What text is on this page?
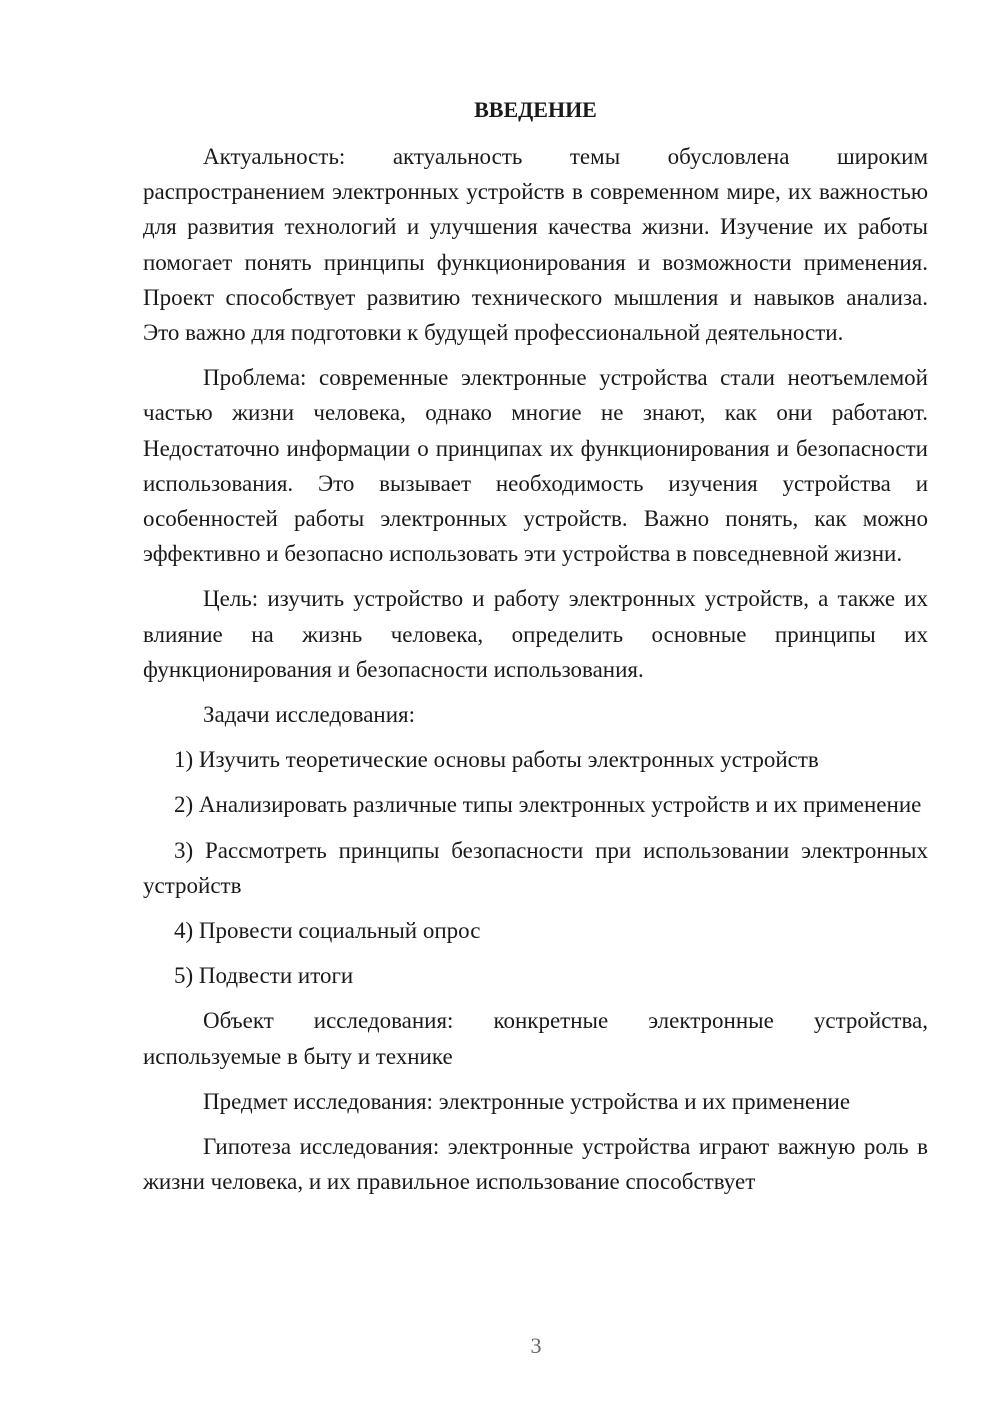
ВВЕДЕНИЕ

Актуальность: актуальность темы обусловлена широким распространением электронных устройств в современном мире, их важностью для развития технологий и улучшения качества жизни. Изучение их работы помогает понять принципы функционирования и возможности применения. Проект способствует развитию технического мышления и навыков анализа. Это важно для подготовки к будущей профессиональной деятельности.

Проблема: современные электронные устройства стали неотъемлемой частью жизни человека, однако многие не знают, как они работают. Недостаточно информации о принципах их функционирования и безопасности использования. Это вызывает необходимость изучения устройства и особенностей работы электронных устройств. Важно понять, как можно эффективно и безопасно использовать эти устройства в повседневной жизни.

Цель: изучить устройство и работу электронных устройств, а также их влияние на жизнь человека, определить основные принципы их функционирования и безопасности использования.

Задачи исследования:

1) Изучить теоретические основы работы электронных устройств

2) Анализировать различные типы электронных устройств и их применение

3) Рассмотреть принципы безопасности при использовании электронных устройств

4) Провести социальный опрос

5) Подвести итоги

Объект исследования: конкретные электронные устройства, используемые в быту и технике

Предмет исследования: электронные устройства и их применение

Гипотеза исследования: электронные устройства играют важную роль в жизни человека, и их правильное использование способствует

3
